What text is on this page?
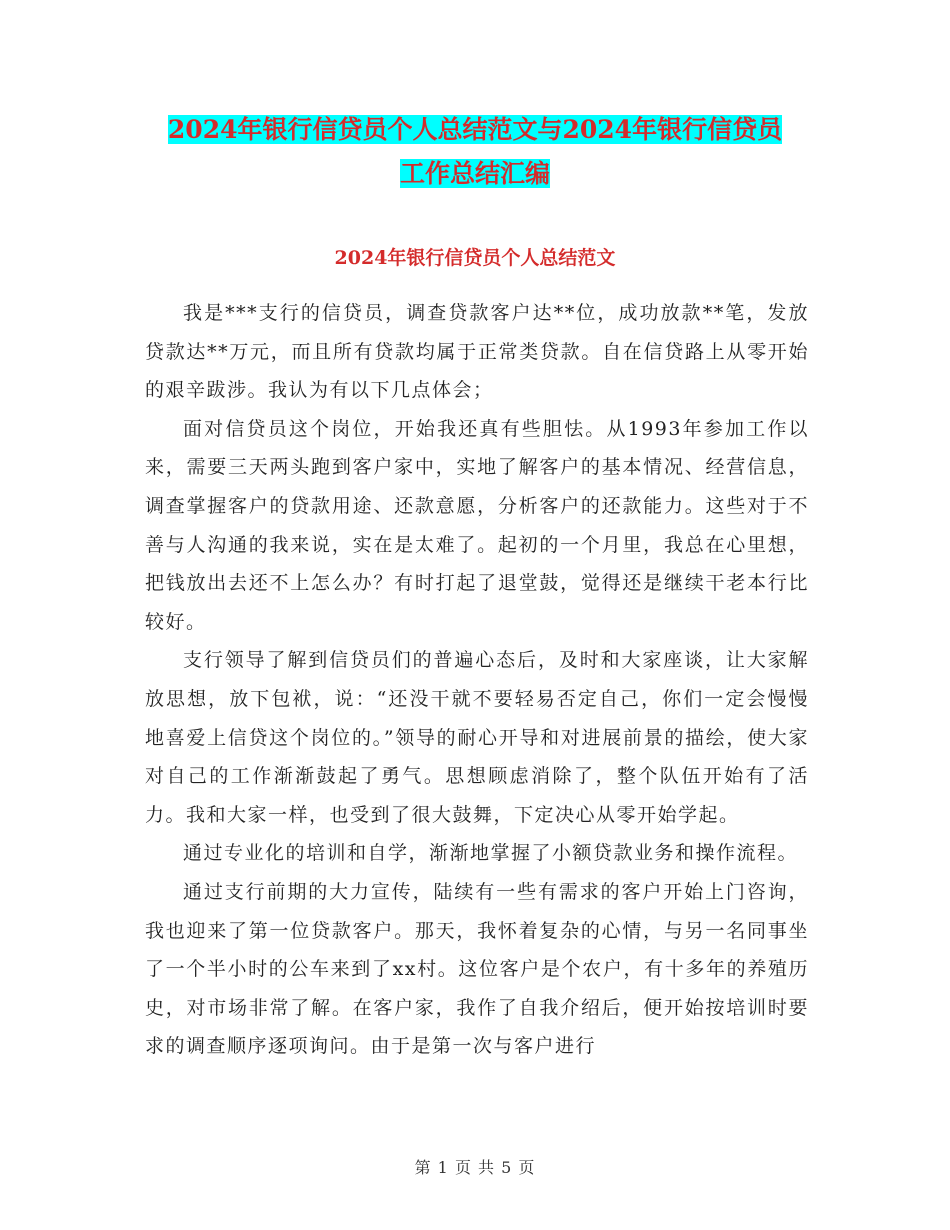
2024年银行信贷员个人总结范文与2024年银行信贷员
工作总结汇编
2024年银行信贷员个人总结范文

我是***支行的信贷员，调查贷款客户达**位，成功放款**笔，发放贷款达**万元，而且所有贷款均属于正常类贷款。自在信贷路上从零开始的艰辛跋涉。我认为有以下几点体会；

面对信贷员这个岗位，开始我还真有些胆怯。从1993年参加工作以来，需要三天两头跑到客户家中，实地了解客户的基本情况、经营信息，调查掌握客户的贷款用途、还款意愿，分析客户的还款能力。这些对于不善与人沟通的我来说，实在是太难了。起初的一个月里，我总在心里想，把钱放出去还不上怎么办？有时打起了退堂鼓，觉得还是继续干老本行比较好。

支行领导了解到信贷员们的普遍心态后，及时和大家座谈，让大家解放思想，放下包袱，说：“还没干就不要轻易否定自己，你们一定会慢慢地喜爱上信贷这个岗位的。”领导的耐心开导和对进展前景的描绘，使大家对自己的工作渐渐鼓起了勇气。思想顾虑消除了，整个队伍开始有了活力。我和大家一样，也受到了很大鼓舞，下定决心从零开始学起。

通过专业化的培训和自学，渐渐地掌握了小额贷款业务和操作流程。

通过支行前期的大力宣传，陆续有一些有需求的客户开始上门咨询，我也迎来了第一位贷款客户。那天，我怀着复杂的心情，与另一名同事坐了一个半小时的公车来到了xx村。这位客户是个农户，有十多年的养殖历史，对市场非常了解。在客户家，我作了自我介绍后，便开始按培训时要求的调查顺序逐项询问。由于是第一次与客户进行

第 1 页 共 5 页
